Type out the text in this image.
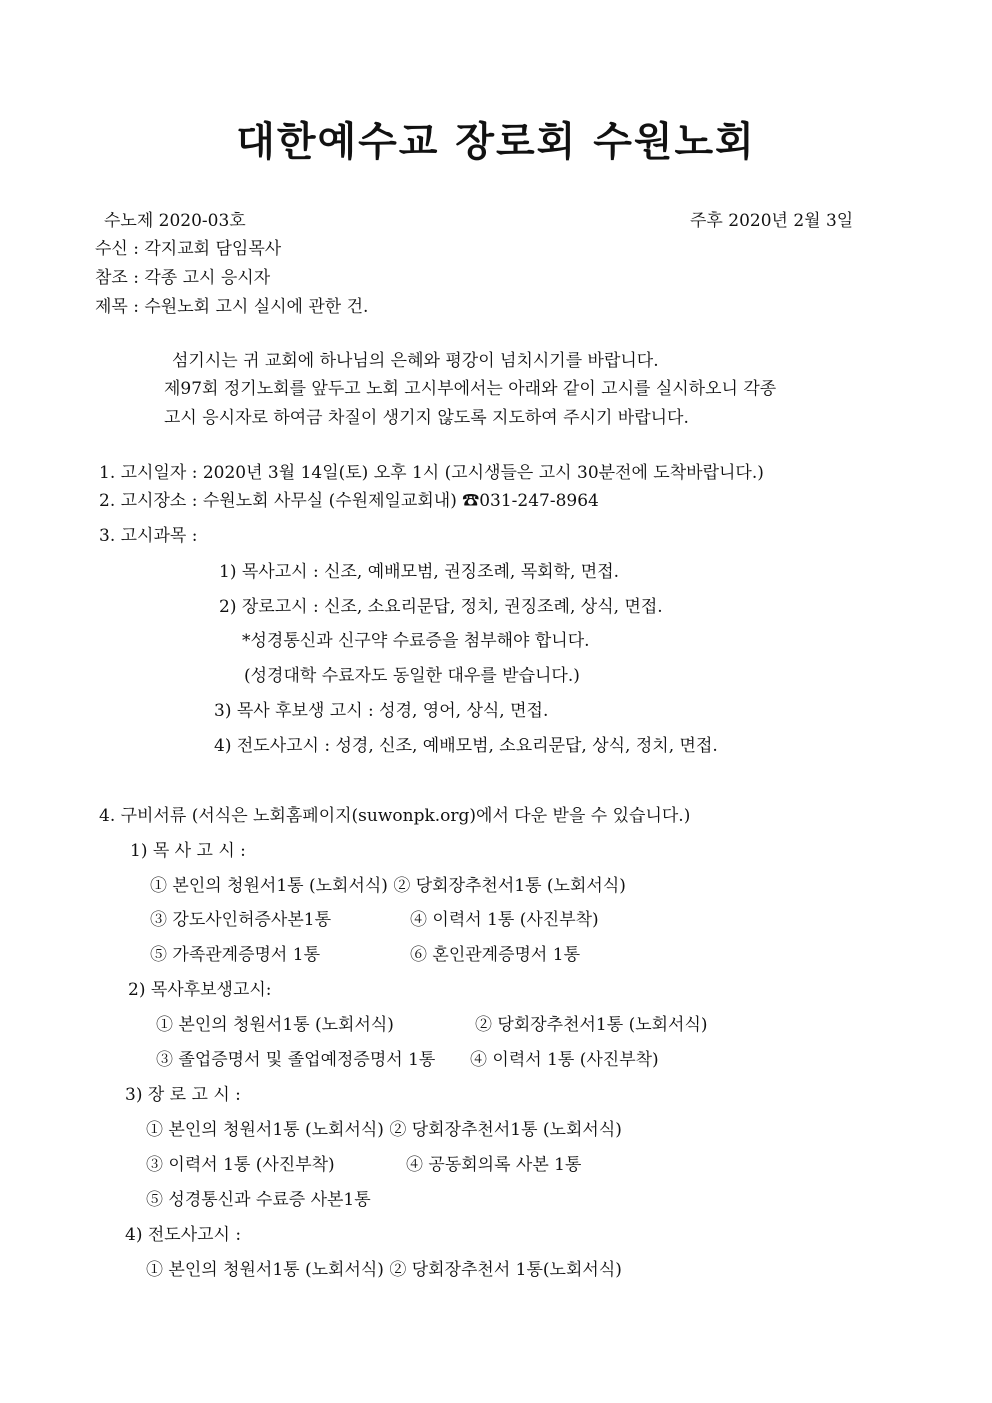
대한예수교 장로회 수원노회
수노제 2020-03호	주후 2020년 2월 3일
수신 : 각지교회 담임목사
참조 : 각종 고시 응시자
제목 : 수원노회 고시 실시에 관한 건.
섬기시는 귀 교회에 하나님의 은혜와 평강이 넘치시기를 바랍니다.
제97회 정기노회를 앞두고 노회 고시부에서는 아래와 같이 고시를 실시하오니 각종
고시 응시자로 하여금 차질이 생기지 않도록 지도하여 주시기 바랍니다.
1. 고시일자 : 2020년 3월 14일(토) 오후 1시 (고시생들은 고시 30분전에 도착바랍니다.)
2. 고시장소 : 수원노회 사무실 (수원제일교회내) ☎031-247-8964
3. 고시과목 :
1) 목사고시 : 신조, 예배모범, 권징조례, 목회학, 면접.
2) 장로고시 : 신조, 소요리문답, 정치, 권징조례, 상식, 면접.
*성경통신과 신구약 수료증을 첨부해야 합니다.
(성경대학 수료자도 동일한 대우를 받습니다.)
3) 목사 후보생 고시 : 성경, 영어, 상식, 면접.
4) 전도사고시 : 성경, 신조, 예배모범, 소요리문답, 상식, 정치, 면접.
4. 구비서류 (서식은 노회홈페이지(suwonpk.org)에서 다운 받을 수 있습니다.)
1) 목 사 고 시 :
① 본인의 청원서1통 (노회서식) ② 당회장추천서1통 (노회서식)
③ 강도사인허증사본1통	④ 이력서 1통 (사진부착)
⑤ 가족관계증명서 1통	⑥ 혼인관계증명서 1통
2) 목사후보생고시:
① 본인의 청원서1통 (노회서식)	② 당회장추천서1통 (노회서식)
③ 졸업증명서 및 졸업예정증명서 1통 ④ 이력서 1통 (사진부착)
3) 장 로 고 시 :
① 본인의 청원서1통 (노회서식) ② 당회장추천서1통 (노회서식)
③ 이력서 1통 (사진부착)	④ 공동회의록 사본 1통
⑤ 성경통신과 수료증 사본1통
4) 전도사고시 :
① 본인의 청원서1통 (노회서식) ② 당회장추천서 1통(노회서식)
